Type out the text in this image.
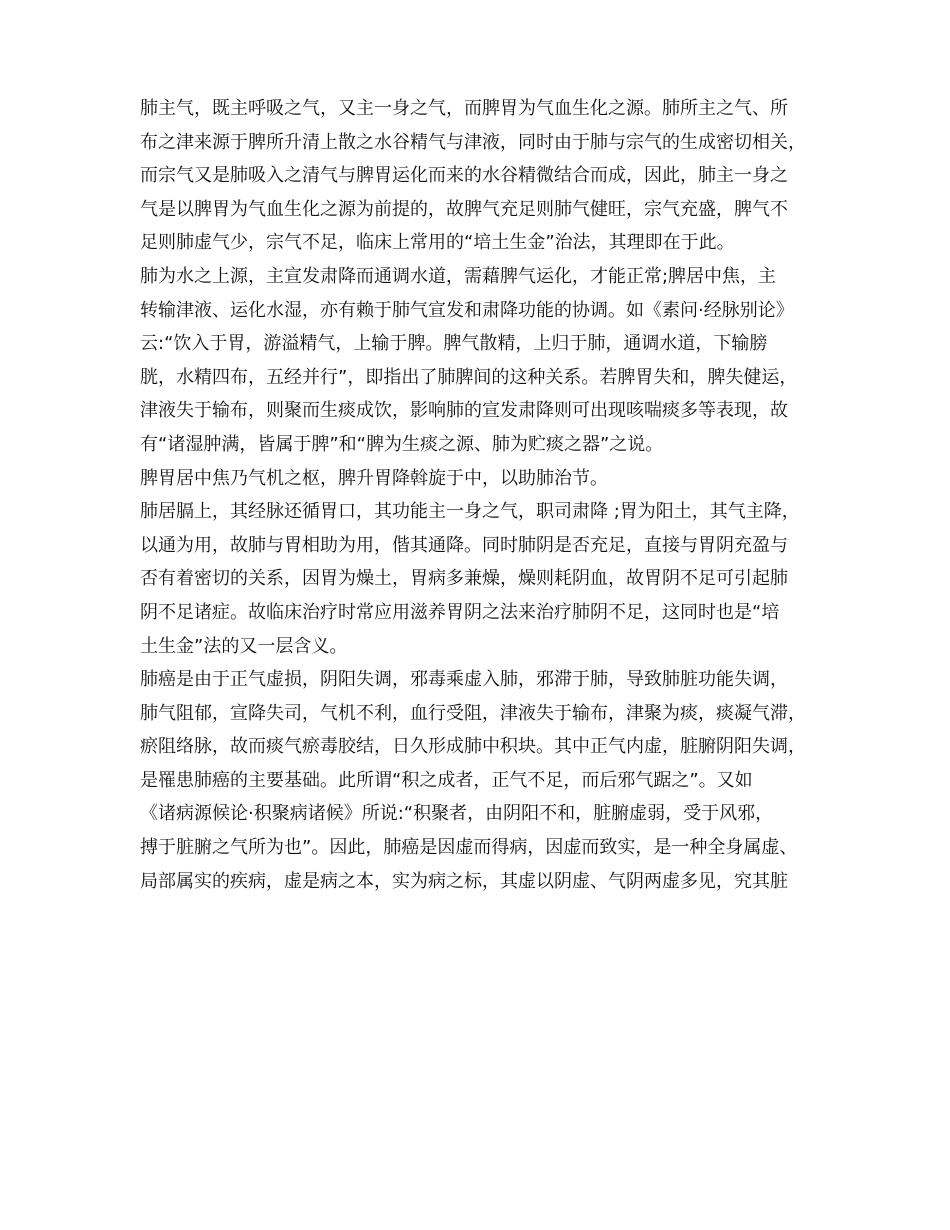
肺主气，既主呼吸之气，又主一身之气，而脾胃为气血生化之源。肺所主之气、所
布之津来源于脾所升清上散之水谷精气与津液，同时由于肺与宗气的生成密切相关，
而宗气又是肺吸入之清气与脾胃运化而来的水谷精微结合而成，因此，肺主一身之
气是以脾胃为气血生化之源为前提的，故脾气充足则肺气健旺，宗气充盛，脾气不
足则肺虚气少，宗气不足，临床上常用的“培土生金”治法，其理即在于此。
肺为水之上源，主宣发肃降而通调水道，需藉脾气运化，才能正常;脾居中焦，主
转输津液、运化水湿，亦有赖于肺气宣发和肃降功能的协调。如《素问·经脉别论》
云:“饮入于胃，游溢精气，上输于脾。脾气散精，上归于肺，通调水道，下输膀
胱，水精四布，五经并行”，即指出了肺脾间的这种关系。若脾胃失和，脾失健运，
津液失于输布，则聚而生痰成饮，影响肺的宣发肃降则可出现咳喘痰多等表现，故
有“诸湿肿满，皆属于脾”和“脾为生痰之源、肺为贮痰之器”之说。
脾胃居中焦乃气机之枢，脾升胃降斡旋于中，以助肺治节。
肺居膈上，其经脉还循胃口，其功能主一身之气，职司肃降 ;胃为阳土，其气主降，
以通为用，故肺与胃相助为用，偕其通降。同时肺阴是否充足，直接与胃阴充盈与
否有着密切的关系，因胃为燥土，胃病多兼燥，燥则耗阴血，故胃阴不足可引起肺
阴不足诸症。故临床治疗时常应用滋养胃阴之法来治疗肺阴不足，这同时也是“培
土生金”法的又一层含义。
肺癌是由于正气虚损，阴阳失调，邪毒乘虚入肺，邪滞于肺，导致肺脏功能失调，
肺气阻郁，宣降失司，气机不利，血行受阻，津液失于输布，津聚为痰，痰凝气滞，
瘀阻络脉，故而痰气瘀毒胶结，日久形成肺中积块。其中正气内虚，脏腑阴阳失调，
是罹患肺癌的主要基础。此所谓“积之成者，正气不足，而后邪气踞之”。又如
《诸病源候论·积聚病诸候》所说:“积聚者，由阴阳不和，脏腑虚弱，受于风邪，
搏于脏腑之气所为也”。因此，肺癌是因虚而得病，因虚而致实，是一种全身属虚、
局部属实的疾病，虚是病之本，实为病之标，其虚以阴虚、气阴两虚多见，究其脏
